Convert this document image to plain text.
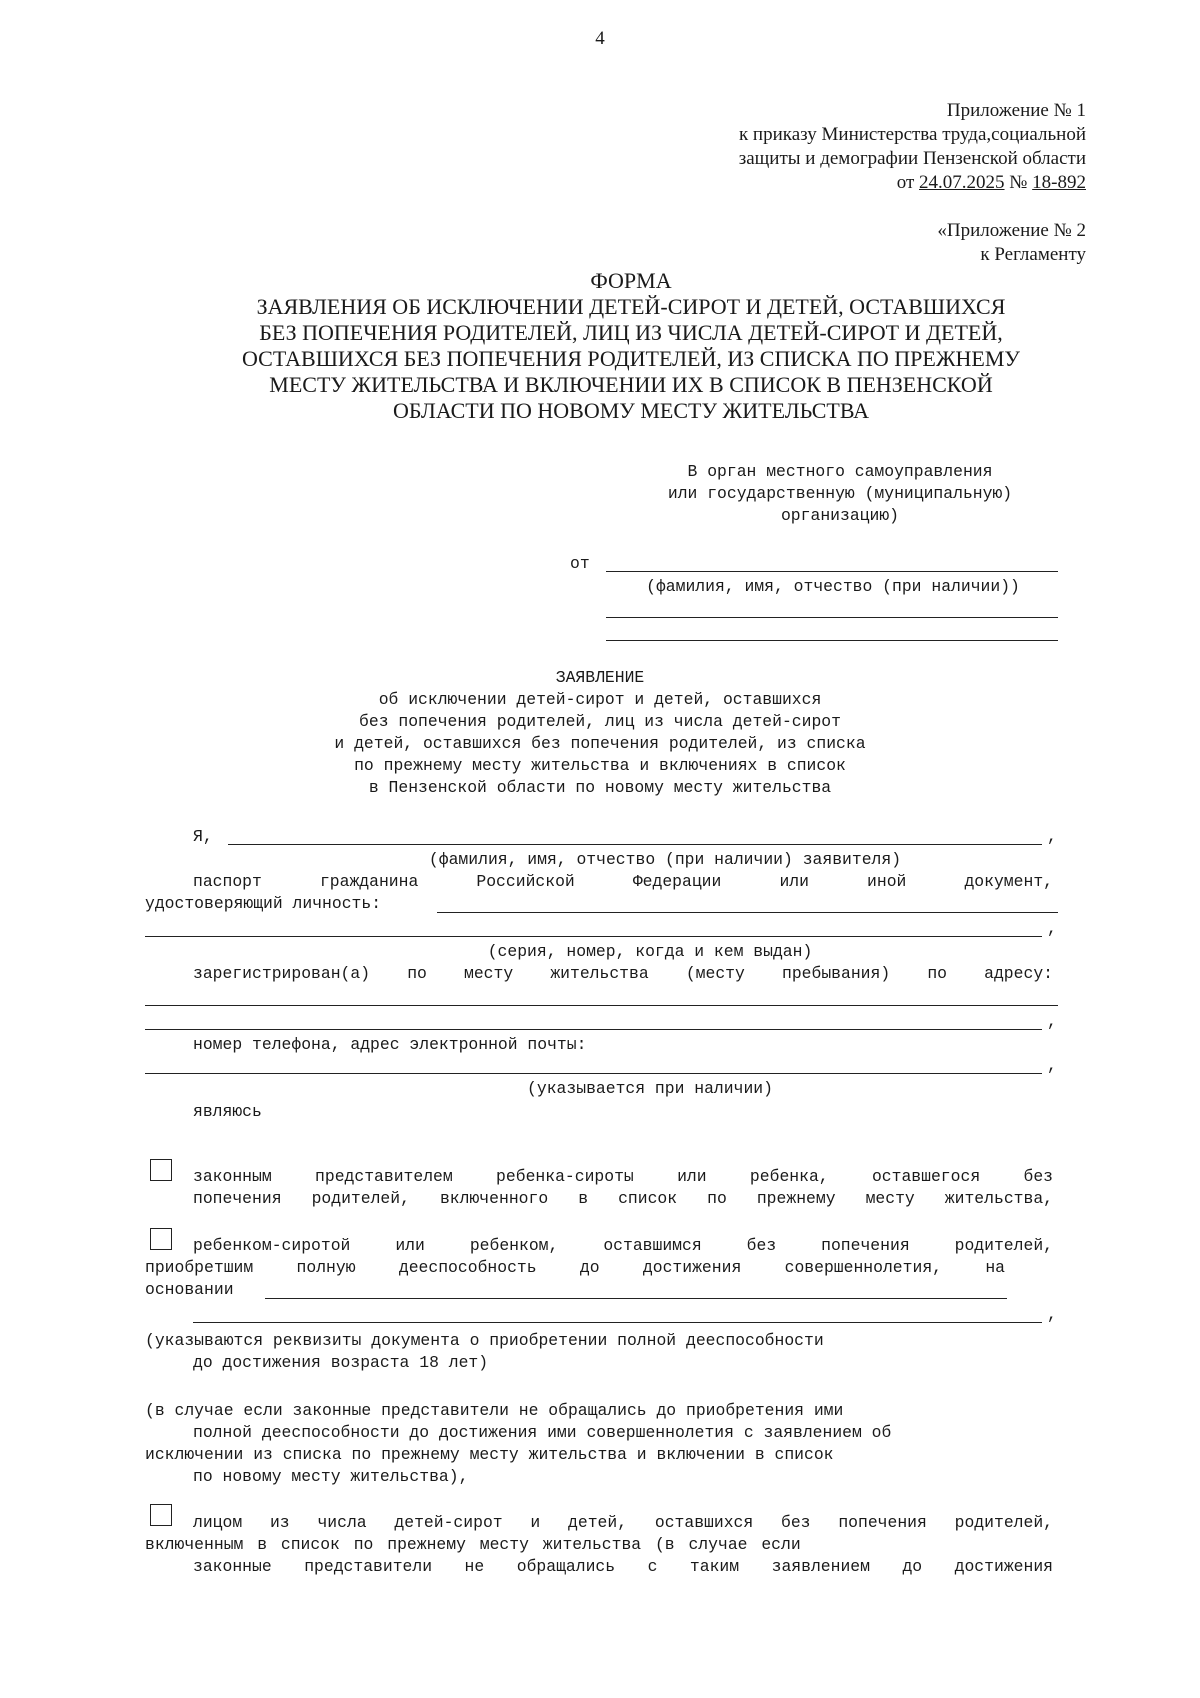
4
Приложение № 1
к приказу Министерства труда,социальной
защиты и демографии Пензенской области
от 24.07.2025 № 18-892
«Приложение № 2
к Регламенту
ФОРМА
ЗАЯВЛЕНИЯ ОБ ИСКЛЮЧЕНИИ ДЕТЕЙ-СИРОТ И ДЕТЕЙ, ОСТАВШИХСЯ
БЕЗ ПОПЕЧЕНИЯ РОДИТЕЛЕЙ, ЛИЦ ИЗ ЧИСЛА ДЕТЕЙ-СИРОТ И ДЕТЕЙ,
ОСТАВШИХСЯ БЕЗ ПОПЕЧЕНИЯ РОДИТЕЛЕЙ, ИЗ СПИСКА ПО ПРЕЖНЕМУ
МЕСТУ ЖИТЕЛЬСТВА И ВКЛЮЧЕНИИ ИХ В СПИСОК В ПЕНЗЕНСКОЙ
ОБЛАСТИ ПО НОВОМУ МЕСТУ ЖИТЕЛЬСТВА
В орган местного самоуправления
или государственную (муниципальную)
организацию)
от
(фамилия, имя, отчество (при наличии))
ЗАЯВЛЕНИЕ
об исключении детей-сирот и детей, оставшихся
без попечения родителей, лиц из числа детей-сирот
и детей, оставшихся без попечения родителей, из списка
по прежнему месту жительства и включениях в список
в Пензенской области по новому месту жительства
Я,	,
(фамилия, имя, отчество (при наличии) заявителя)
паспорт гражданина Российской Федерации или иной документ,
удостоверяющий личность:
,
(серия, номер, когда и кем выдан)
зарегистрирован(а) по месту жительства (месту пребывания) по адресу:
,
номер телефона, адрес электронной почты:
,
(указывается при наличии)
являюсь
законным представителем ребенка-сироты или ребенка, оставшегося без
попечения родителей, включенного в список по прежнему месту жительства,
ребенком-сиротой или ребенком, оставшимся без попечения родителей,
приобретшим полную дееспособность до достижения совершеннолетия, на
основании
,
(указываются реквизиты документа о приобретении полной дееспособности
до достижения возраста 18 лет)
(в случае если законные представители не обращались до приобретения ими
полной дееспособности до достижения ими совершеннолетия с заявлением об
исключении из списка по прежнему месту жительства и включении в список
по новому месту жительства),
лицом из числа детей-сирот и детей, оставшихся без попечения родителей,
включенным в список по прежнему месту жительства (в случае если
законные представители не обращались с таким заявлением до достижения
